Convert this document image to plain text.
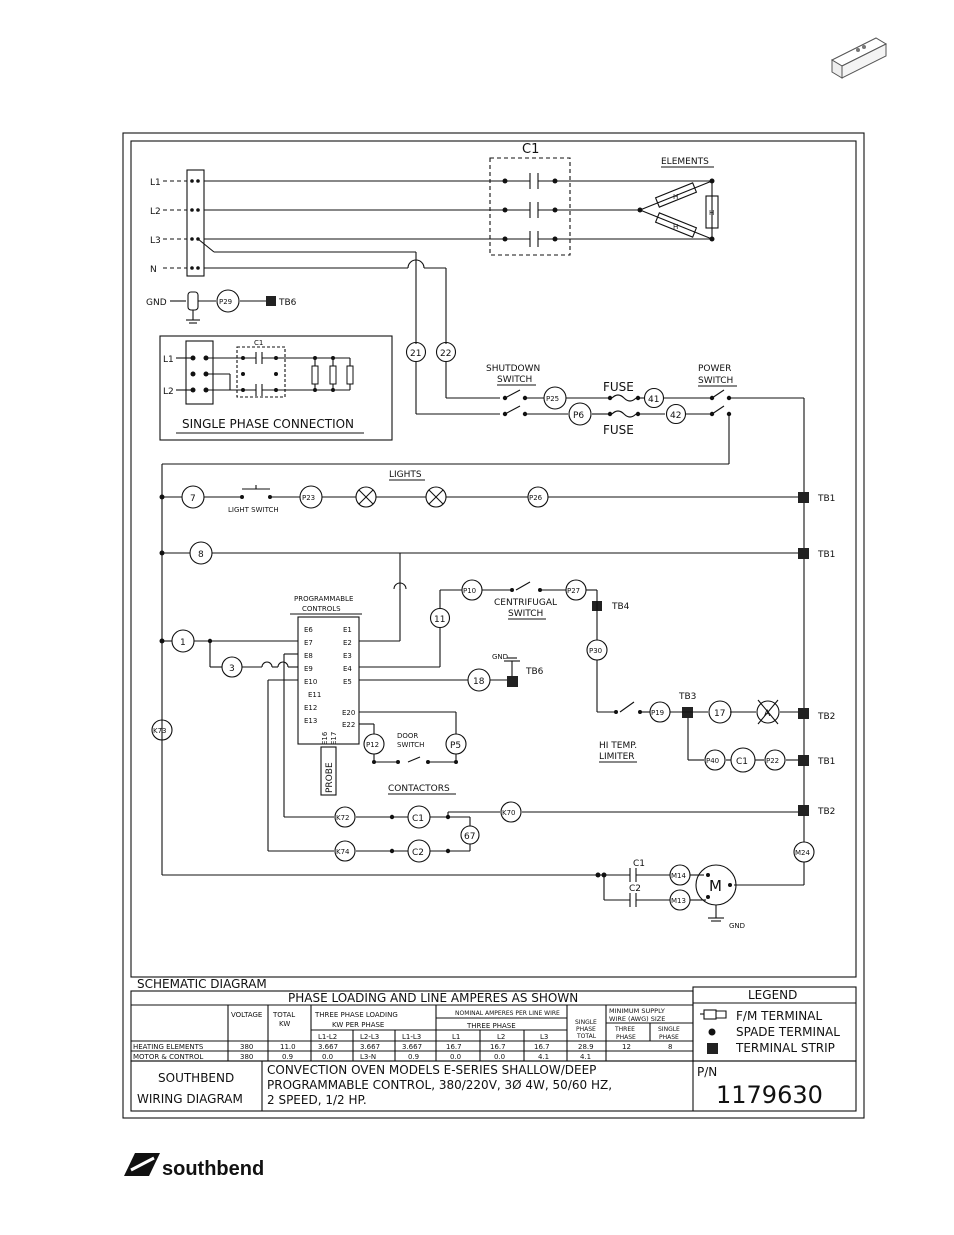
L1
L2
L3
N
C1
ELEMENTS
H
H
H
GND	TB6
C1
L1
L2
SINGLE PHASE CONNECTION
SHUTDOWN
SWITCH
POWER
SWITCH
FUSE
FUSE
LIGHTS
LIGHT SWITCH
TB1
TB1
TB2
TB1
TB2
TB4
TB6
TB3
PROGRAMMABLE
CONTROLS
E6
E7
E8
E9
E10
E11
E12
E13
E1
E2
E3
E4
E5
E20
E22
E16 E17
PROBE
CENTRIFUGAL
SWITCH
GND
DOOR
SWITCH	HI TEMP.
LIMITER
CONTACTORS
C1
C2
GND
A
M
P29
21 22
P25
P6
41
42
7	P23	P26
8
P10	P27
11
1
3
P30
18
P19	17
K73
P12	P5
P40 C1	P22
K70
K72	C1
67
K74	C2	M24
M14
M13
SCHEMATIC DIAGRAM
PHASE LOADING AND LINE AMPERES AS SHOWN
VOLTAGE TOTAL
KW
THREE PHASE LOADING
KW PER PHASE
L1-L2	L2-L3	L1-L3
NOMINAL AMPERES PER LINE WIRE
THREE PHASE
L1	L2	L3
SINGLE
PHASE
TOTAL
MINIMUM SUPPLY
WIRE (AWG) SIZE
THREE
PHASE
SINGLE
PHASE
HEATING ELEMENTS	380	11.0	3.667	3.667	3.667	16.7	16.7	16.7	28.9	12	8
MOTOR & CONTROL	380	0.9	0.0	L3-N	0.9	0.0	0.0	4.1	4.1
LEGEND
F/M TERMINAL
SPADE TERMINAL
TERMINAL STRIP
SOUTHBEND
WIRING DIAGRAM
CONVECTION OVEN MODELS E-SERIES SHALLOW/DEEP
PROGRAMMABLE CONTROL, 380/220V, 3Ø 4W, 50/60 HZ,
2 SPEED, 1/2 HP.
P/N
1179630
southbend
